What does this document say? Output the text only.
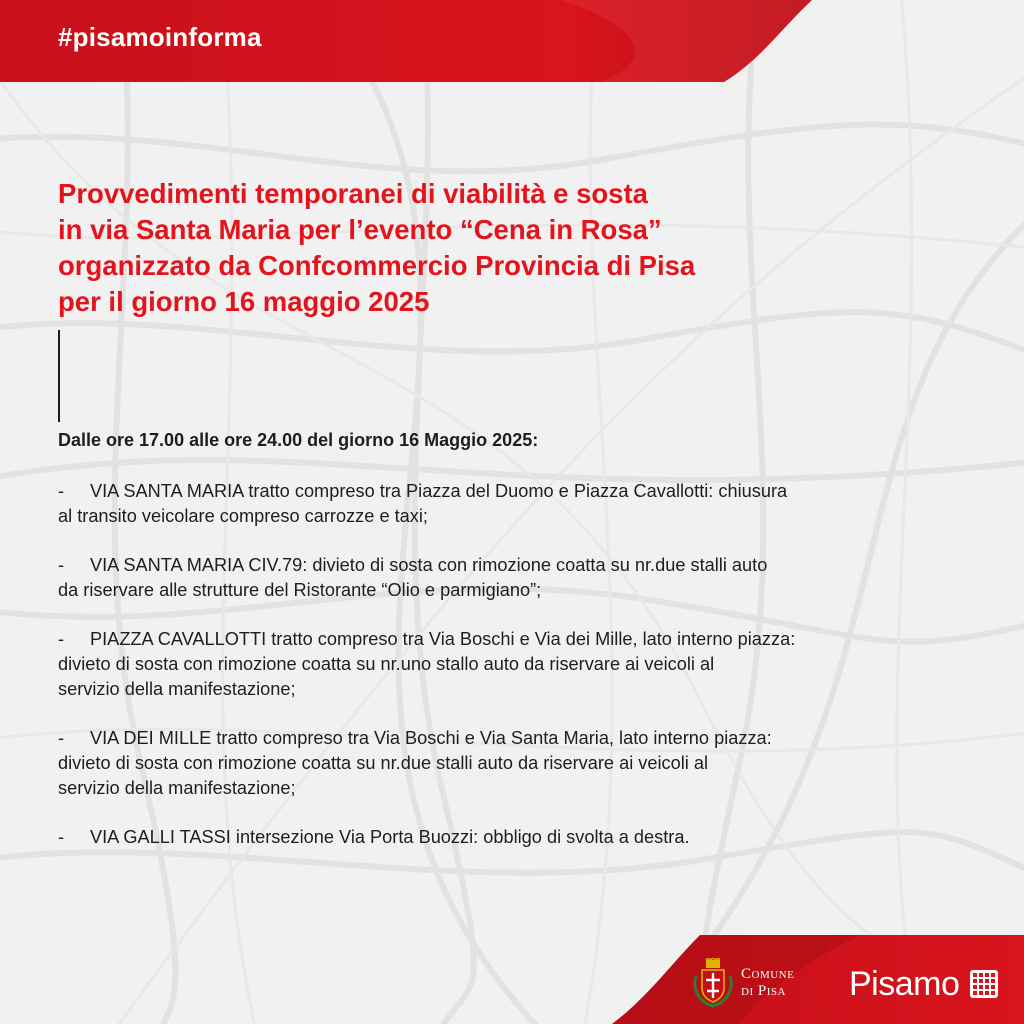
#pisamoinforma
Provvedimenti temporanei di viabilità e sosta
in via Santa Maria per l’evento “Cena in Rosa”
organizzato da Confcommercio Provincia di Pisa
per il giorno 16 maggio 2025
Dalle ore 17.00 alle ore 24.00 del giorno 16 Maggio 2025:
- VIA SANTA MARIA tratto compreso tra Piazza del Duomo e Piazza Cavallotti: chiusura
al transito veicolare compreso carrozze e taxi;
- VIA SANTA MARIA CIV.79: divieto di sosta con rimozione coatta su nr.due stalli auto
da riservare alle strutture del Ristorante “Olio e parmigiano”;
- PIAZZA CAVALLOTTI tratto compreso tra Via Boschi e Via dei Mille, lato interno piazza:
divieto di sosta con rimozione coatta su nr.uno stallo auto da riservare ai veicoli al
servizio della manifestazione;
- VIA DEI MILLE tratto compreso tra Via Boschi e Via Santa Maria, lato interno piazza:
divieto di sosta con rimozione coatta su nr.due stalli auto da riservare ai veicoli al
servizio della manifestazione;
- VIA GALLI TASSI intersezione Via Porta Buozzi: obbligo di svolta a destra.
Comune
di Pisa Pisamo
